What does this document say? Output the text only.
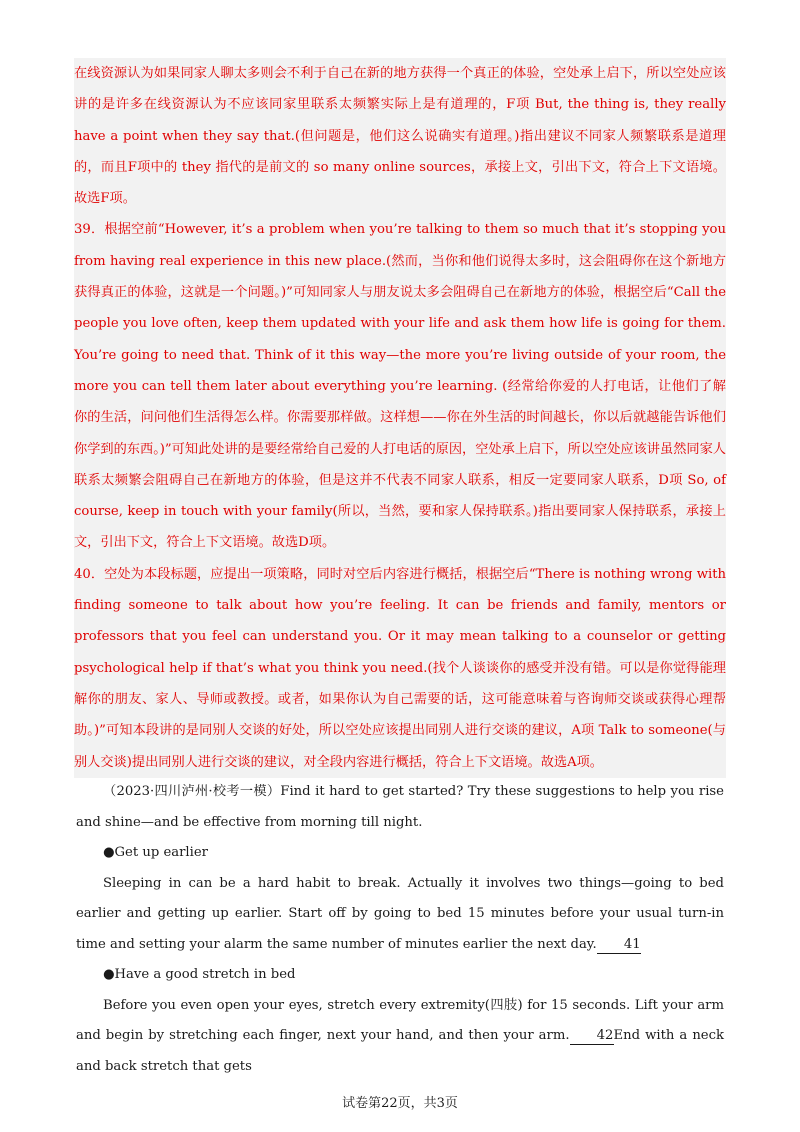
在线资源认为如果同家人聊太多则会不利于自己在新的地方获得一个真正的体验，空处承上启下，所以空处应该讲的是许多在线资源认为不应该同家里联系太频繁实际上是有道理的，F项 But, the thing is, they really have a point when they say that.(但问题是，他们这么说确实有道理。)指出建议不同家人频繁联系是道理的，而且F项中的 they 指代的是前文的 so many online sources，承接上文，引出下文，符合上下文语境。故选F项。

39．根据空前“However, it’s a problem when you’re talking to them so much that it’s stopping you from having real experience in this new place.(然而，当你和他们说得太多时，这会阻碍你在这个新地方获得真正的体验，这就是一个问题。)”可知同家人与朋友说太多会阻碍自己在新地方的体验，根据空后“Call the people you love often, keep them updated with your life and ask them how life is going for them. You’re going to need that. Think of it this way—the more you’re living outside of your room, the more you can tell them later about everything you’re learning. (经常给你爱的人打电话，让他们了解你的生活，问问他们生活得怎么样。你需要那样做。这样想——你在外生活的时间越长，你以后就越能告诉他们你学到的东西。)”可知此处讲的是要经常给自己爱的人打电话的原因，空处承上启下，所以空处应该讲虽然同家人联系太频繁会阻碍自己在新地方的体验，但是这并不代表不同家人联系，相反一定要同家人联系，D项 So, of course, keep in touch with your family(所以，当然，要和家人保持联系。)指出要同家人保持联系，承接上文，引出下文，符合上下文语境。故选D项。

40．空处为本段标题，应提出一项策略，同时对空后内容进行概括，根据空后“There is nothing wrong with finding someone to talk about how you’re feeling. It can be friends and family, mentors or professors that you feel can understand you. Or it may mean talking to a counselor or getting psychological help if that’s what you think you need.(找个人谈谈你的感受并没有错。可以是你觉得能理解你的朋友、家人、导师或教授。或者，如果你认为自己需要的话，这可能意味着与咨询师交谈或获得心理帮助。)”可知本段讲的是同别人交谈的好处，所以空处应该提出同别人进行交谈的建议，A项 Talk to someone(与别人交谈)提出同别人进行交谈的建议，对全段内容进行概括，符合上下文语境。故选A项。

（2023·四川泸州·校考一模）Find it hard to get started? Try these suggestions to help you rise and shine—and be effective from morning till night.

●Get up earlier

Sleeping in can be a hard habit to break. Actually it involves two things—going to bed earlier and getting up earlier. Start off by going to bed 15 minutes before your usual turn-in time and setting your alarm the same number of minutes earlier the next day. 41

●Have a good stretch in bed

Before you even open your eyes, stretch every extremity(四肢) for 15 seconds. Lift your arm and begin by stretching each finger, next your hand, and then your arm. 42End with a neck and back stretch that gets

试卷第22页，共3页
